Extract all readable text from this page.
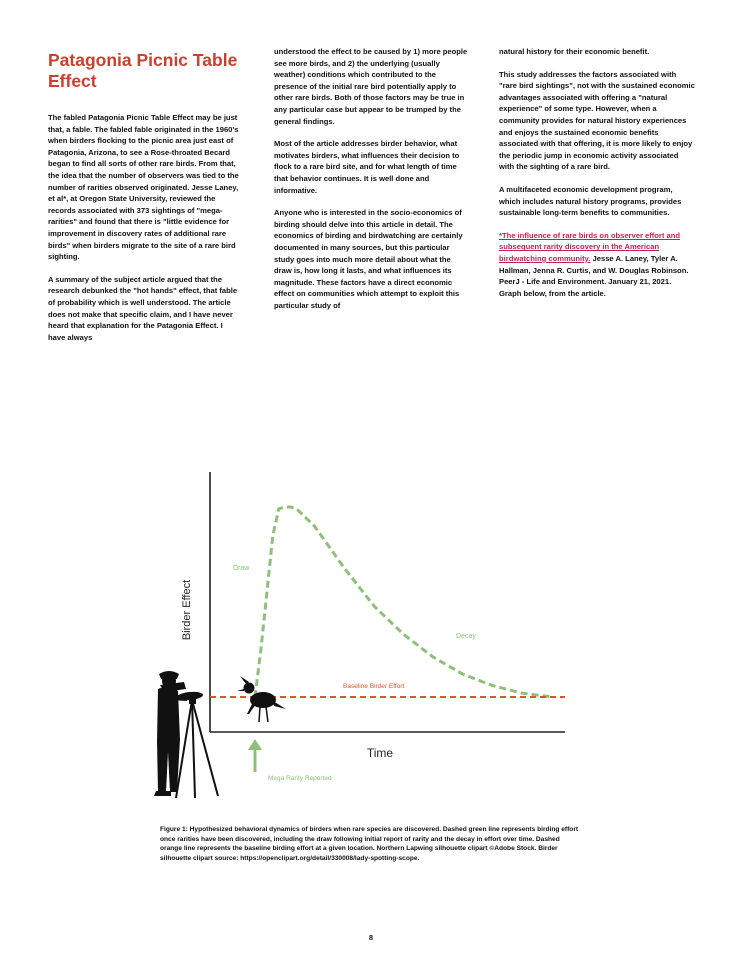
Patagonia Picnic Table Effect

The fabled Patagonia Picnic Table Effect may be just that, a fable. The fabled fable originated in the 1960's when birders flocking to the picnic area just east of Patagonia, Arizona, to see a Rose-throated Becard began to find all sorts of other rare birds. From that, the idea that the number of observers was tied to the number of rarities observed originated. Jesse Laney, et al*, at Oregon State University, reviewed the records associated with 373 sightings of "mega-rarities" and found that there is "little evidence for improvement in discovery rates of additional rare birds" when birders migrate to the site of a rare bird sighting.

A summary of the subject article argued that the research debunked the "hot hands" effect, that fable of probability which is well understood. The article does not make that specific claim, and I have never heard that explanation for the Patagonia Effect. I have always

understood the effect to be caused by 1) more people see more birds, and 2) the underlying (usually weather) conditions which contributed to the presence of the initial rare bird potentially apply to other rare birds. Both of those factors may be true in any particular case but appear to be trumped by the general findings.

Most of the article addresses birder behavior, what motivates birders, what influences their decision to flock to a rare bird site, and for what length of time that behavior continues. It is well done and informative.

Anyone who is interested in the socio-economics of birding should delve into this article in detail. The economics of birding and birdwatching are certainly documented in many sources, but this particular study goes into much more detail about what the draw is, how long it lasts, and what influences its magnitude. These factors have a direct economic effect on communities which attempt to exploit this particular study of

natural history for their economic benefit.

This study addresses the factors associated with "rare bird sightings", not with the sustained economic advantages associated with offering a "natural experience" of some type. However, when a community provides for natural history experiences and enjoys the sustained economic benefits associated with that offering, it is more likely to enjoy the periodic jump in economic activity associated with the sighting of a rare bird.

A multifaceted economic development program, which includes natural history programs, provides sustainable long-term benefits to communities.

*The influence of rare birds on observer effort and subsequent rarity discovery in the American birdwatching community. Jesse A. Laney, Tyler A. Hallman, Jenna R. Curtis, and W. Douglas Robinson. PeerJ - Life and Environment. January 21, 2021. Graph below, from the article.

Birder Effect
Time
Draw
Decay
Baseline Birder Effort
Mega Rarity Reported
Figure 1: Hypothesized behavioral dynamics of birders when rare species are discovered. Dashed green line represents birding effort once rarities have been discovered, including the draw following initial report of rarity and the decay in effort over time. Dashed orange line represents the baseline birding effort at a given location. Northern Lapwing silhouette clipart ©Adobe Stock. Birder silhouette clipart source: https://openclipart.org/detail/330008/lady-spotting-scope.
8
